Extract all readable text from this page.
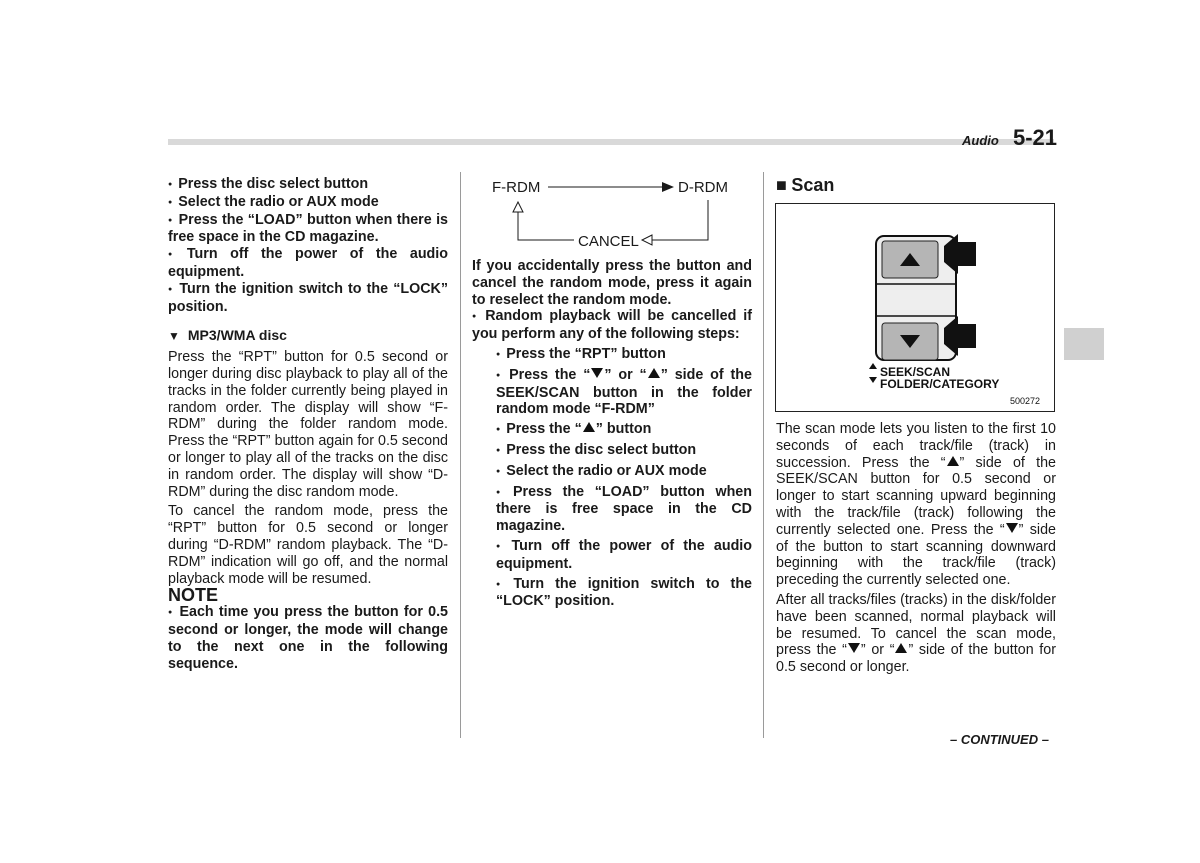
Audio 5-21

● Press the disc select button

● Select the radio or AUX mode

● Press the “LOAD” button when there is free space in the CD magazine.

● Turn off the power of the audio equipment.

● Turn the ignition switch to the “LOCK” position.

▼ MP3/WMA disc

Press the “RPT” button for 0.5 second or longer during disc playback to play all of the tracks in the folder currently being played in random order. The display will show “F-RDM” during the folder random mode. Press the “RPT” button again for 0.5 second or longer to play all of the tracks on the disc in random order. The display will show “D-RDM” during the disc random mode.

To cancel the random mode, press the “RPT” button for 0.5 second or longer during “D-RDM” random playback. The “D-RDM” indication will go off, and the normal playback mode will be resumed.

NOTE

● Each time you press the button for 0.5 second or longer, the mode will change to the next one in the following sequence.

F-RDM	D-RDM
CANCEL

If you accidentally press the button and cancel the random mode, press it again to reselect the random mode.

● Random playback will be cancelled if you perform any of the following steps:

● Press the “RPT” button

● Press the “ ” or “ ” side of the SEEK/SCAN button in the folder random mode “F-RDM”

● Press the “ ” button

● Press the disc select button

● Select the radio or AUX mode

● Press the “LOAD” button when there is free space in the CD magazine.

● Turn off the power of the audio equipment.

● Turn the ignition switch to the “LOCK” position.

■ Scan
SEEK/SCAN
FOLDER/CATEGORY
500272

The scan mode lets you listen to the first 10 seconds of each track/file (track) in succession. Press the “ ” side of the SEEK/SCAN button for 0.5 second or longer to start scanning upward beginning with the track/file (track) following the currently selected one. Press the “ ” side of the button to start scanning downward beginning with the track/file (track) preceding the currently selected one.

After all tracks/files (tracks) in the disk/folder have been scanned, normal playback will be resumed. To cancel the scan mode, press the “ ” or “ ” side of the button for 0.5 second or longer.

– CONTINUED –
